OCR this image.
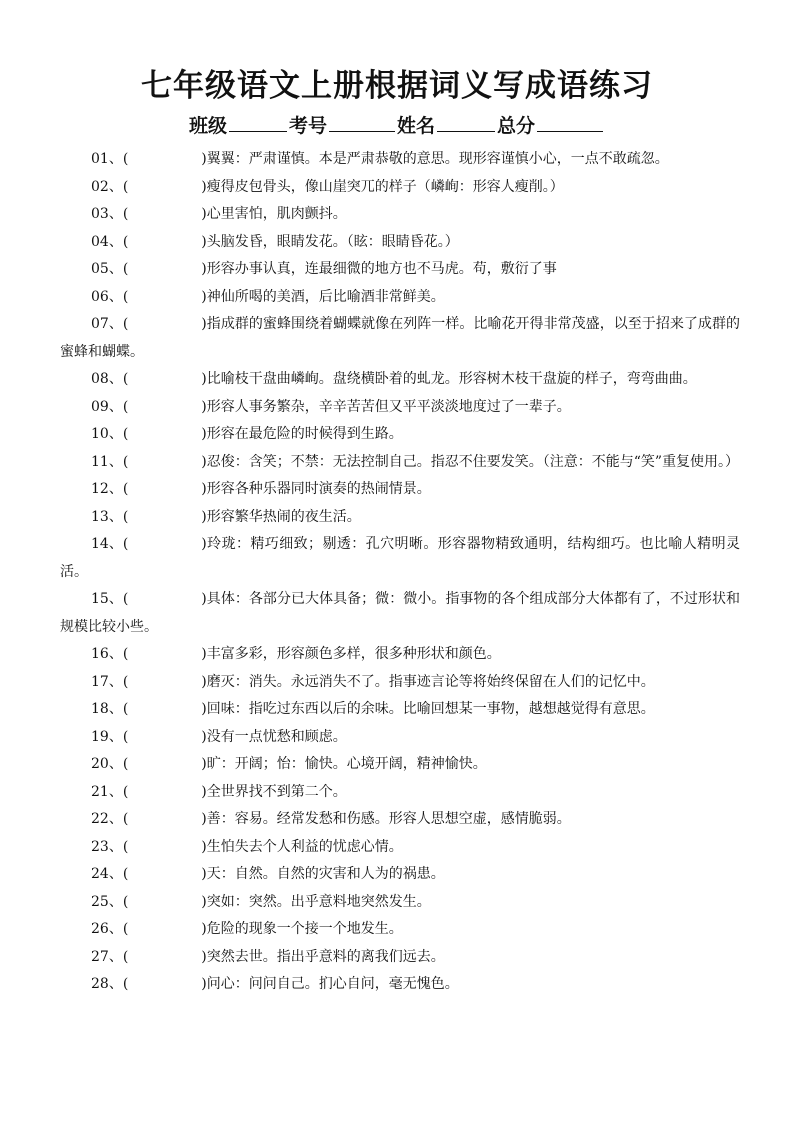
七年级语文上册根据词义写成语练习
班级	考号	姓名	总分
01、(	)翼翼：严肃谨慎。本是严肃恭敬的意思。现形容谨慎小心，一点不敢疏忽。
02、(	)瘦得皮包骨头，像山崖突兀的样子（嶙峋：形容人瘦削。）
03、(	)心里害怕，肌肉颤抖。
04、(	)头脑发昏，眼睛发花。（眩：眼睛昏花。）
05、(	)形容办事认真，连最细微的地方也不马虎。苟，敷衍了事
06、(	)神仙所喝的美酒，后比喻酒非常鲜美。
07、(	)指成群的蜜蜂围绕着蝴蝶就像在列阵一样。比喻花开得非常茂盛，以至于招来了成群的蜜蜂和蝴蝶。
08、(	)比喻枝干盘曲嶙峋。盘绕横卧着的虬龙。形容树木枝干盘旋的样子，弯弯曲曲。
09、(	)形容人事务繁杂，辛辛苦苦但又平平淡淡地度过了一辈子。
10、(	)形容在最危险的时候得到生路。
11、(	)忍俊：含笑；不禁：无法控制自己。指忍不住要发笑。（注意：不能与“笑”重复使用。）
12、(	)形容各种乐器同时演奏的热闹情景。
13、(	)形容繁华热闹的夜生活。
14、(	)玲珑：精巧细致；剔透：孔穴明晰。形容器物精致通明，结构细巧。也比喻人精明灵活。
15、(	)具体：各部分已大体具备；微：微小。指事物的各个组成部分大体都有了，不过形状和规模比较小些。
16、(	)丰富多彩，形容颜色多样，很多种形状和颜色。
17、(	)磨灭：消失。永远消失不了。指事迹言论等将始终保留在人们的记忆中。
18、(	)回味：指吃过东西以后的余味。比喻回想某一事物，越想越觉得有意思。
19、(	)没有一点忧愁和顾虑。
20、(	)旷：开阔；怡：愉快。心境开阔，精神愉快。
21、(	)全世界找不到第二个。
22、(	)善：容易。经常发愁和伤感。形容人思想空虚，感情脆弱。
23、(	)生怕失去个人利益的忧虑心情。
24、(	)天：自然。自然的灾害和人为的祸患。
25、(	)突如：突然。出乎意料地突然发生。
26、(	)危险的现象一个接一个地发生。
27、(	)突然去世。指出乎意料的离我们远去。
28、(	)问心：问问自己。扪心自问，毫无愧色。
